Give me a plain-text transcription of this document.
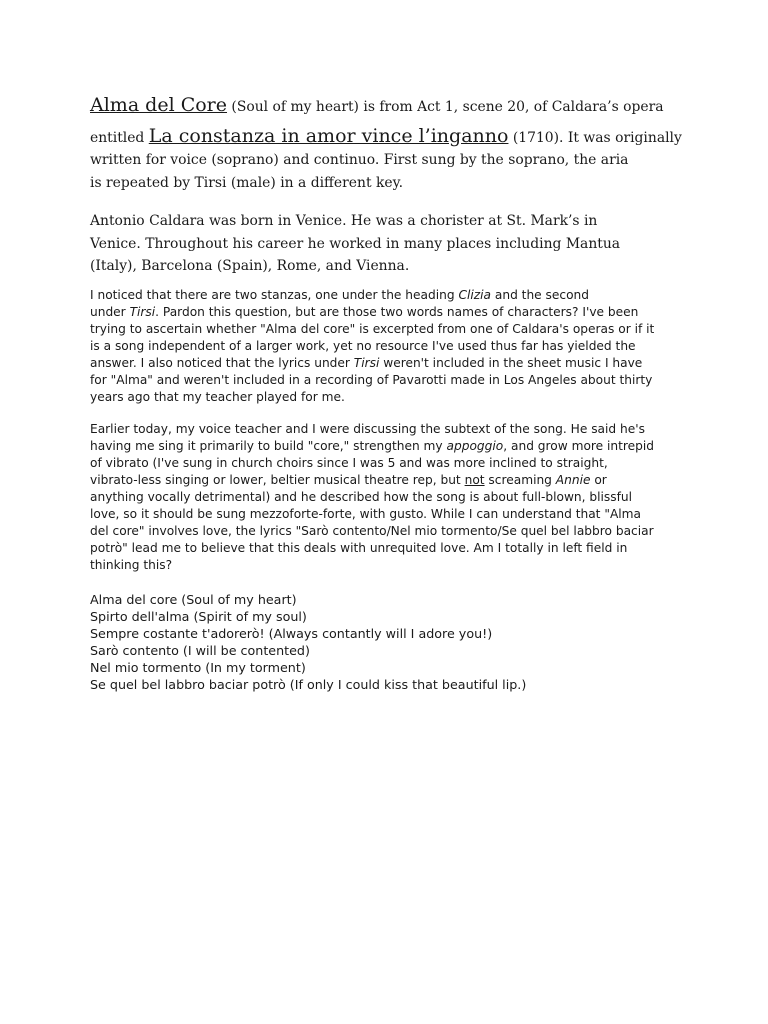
Alma del Core (Soul of my heart) is from Act 1, scene 20, of Caldara’s opera
entitled La constanza in amor vince l’inganno (1710). It was originally
written for voice (soprano) and continuo. First sung by the soprano, the aria
is repeated by Tirsi (male) in a different key.
Antonio Caldara was born in Venice. He was a chorister at St. Mark’s in
Venice. Throughout his career he worked in many places including Mantua
(Italy), Barcelona (Spain), Rome, and Vienna.
I noticed that there are two stanzas, one under the heading Clizia and the second
under Tirsi. Pardon this question, but are those two words names of characters? I've been
trying to ascertain whether "Alma del core" is excerpted from one of Caldara's operas or if it
is a song independent of a larger work, yet no resource I've used thus far has yielded the
answer. I also noticed that the lyrics under Tirsi weren't included in the sheet music I have
for "Alma" and weren't included in a recording of Pavarotti made in Los Angeles about thirty
years ago that my teacher played for me.
Earlier today, my voice teacher and I were discussing the subtext of the song. He said he's
having me sing it primarily to build "core," strengthen my appoggio, and grow more intrepid
of vibrato (I've sung in church choirs since I was 5 and was more inclined to straight,
vibrato-less singing or lower, beltier musical theatre rep, but not screaming Annie or
anything vocally detrimental) and he described how the song is about full-blown, blissful
love, so it should be sung mezzoforte-forte, with gusto. While I can understand that "Alma
del core" involves love, the lyrics "Sarò contento/Nel mio tormento/Se quel bel labbro baciar
potrò" lead me to believe that this deals with unrequited love. Am I totally in left field in
thinking this?
Alma del core (Soul of my heart)
Spirto dell'alma (Spirit of my soul)
Sempre costante t'adorerò! (Always contantly will I adore you!)
Sarò contento (I will be contented)
Nel mio tormento (In my torment)
Se quel bel labbro baciar potrò (If only I could kiss that beautiful lip.)
